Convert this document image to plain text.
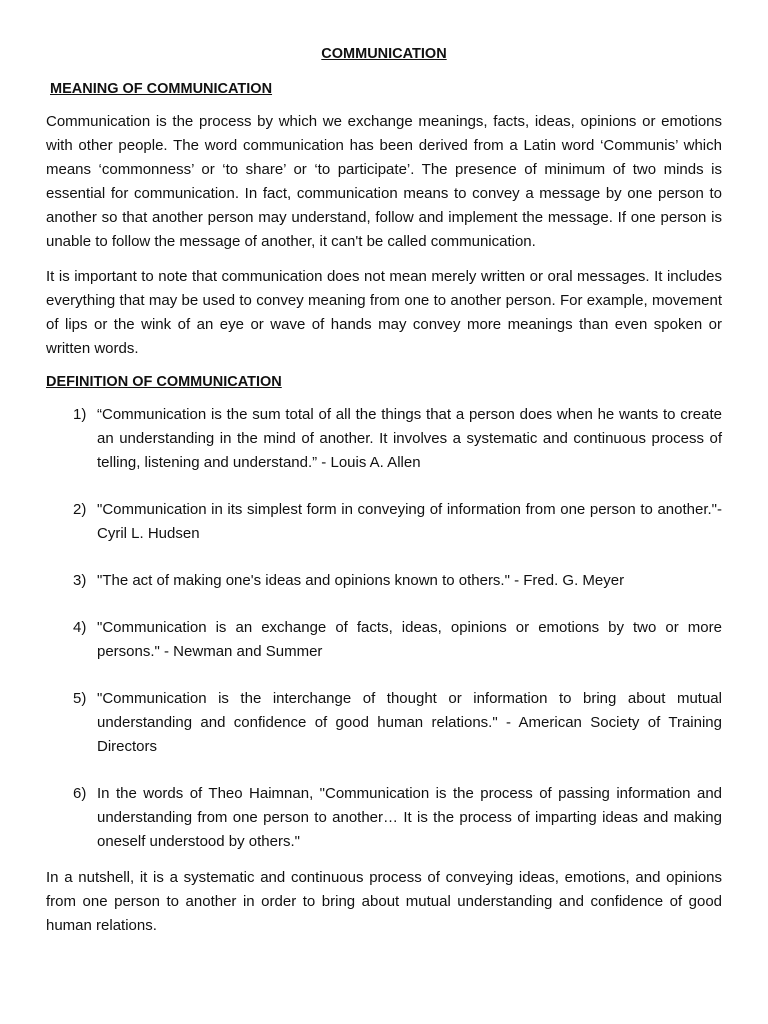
COMMUNICATION
MEANING OF COMMUNICATION

Communication is the process by which we exchange meanings, facts, ideas, opinions or emotions with other people. The word communication has been derived from a Latin word ‘Communis’ which means ‘commonness’ or ‘to share’ or ‘to participate’. The presence of minimum of two minds is essential for communication. In fact, communication means to convey a message by one person to another so that another person may understand, follow and implement the message. If one person is unable to follow the message of another, it can't be called communication.

It is important to note that communication does not mean merely written or oral messages. It includes everything that may be used to convey meaning from one to another person. For example, movement of lips or the wink of an eye or wave of hands may convey more meanings than even spoken or written words.

DEFINITION OF COMMUNICATION
1) “Communication is the sum total of all the things that a person does when he wants to create an understanding in the mind of another. It involves a systematic and continuous process of telling, listening and understand.” - Louis A. Allen
2) "Communication in its simplest form in conveying of information from one person to another."- Cyril L. Hudsen
3) "The act of making one's ideas and opinions known to others." - Fred. G. Meyer
4) "Communication is an exchange of facts, ideas, opinions or emotions by two or more persons." - Newman and Summer
5) "Communication is the interchange of thought or information to bring about mutual understanding and confidence of good human relations." - American Society of Training Directors
6) In the words of Theo Haimnan, "Communication is the process of passing information and understanding from one person to another… It is the process of imparting ideas and making oneself understood by others."

In a nutshell, it is a systematic and continuous process of conveying ideas, emotions, and opinions from one person to another in order to bring about mutual understanding and confidence of good human relations.
